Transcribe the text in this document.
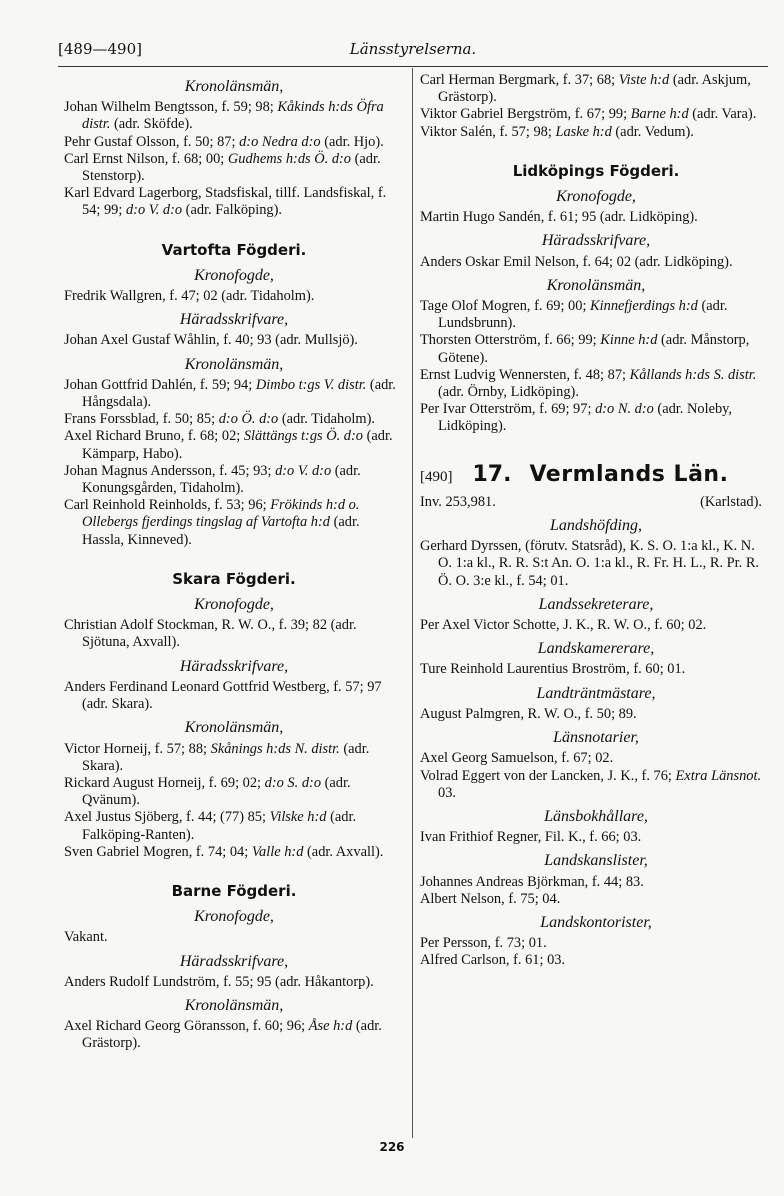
[489—490]	Länsstyrelserna.
Kronolänsmän,

Johan Wilhelm Bengtsson, f. 59; 98; Kåkinds h:ds Öfra distr. (adr. Sköfde).

Pehr Gustaf Olsson, f. 50; 87; d:o Nedra d:o (adr. Hjo).

Carl Ernst Nilson, f. 68; 00; Gudhems h:ds Ö. d:o (adr. Stenstorp).

Karl Edvard Lagerborg, Stadsfiskal, tillf. Landsfiskal, f. 54; 99; d:o V. d:o (adr. Falköping).

Vartofta Fögderi.
Kronofogde,

Fredrik Wallgren, f. 47; 02 (adr. Tidaholm).

Häradsskrifvare,

Johan Axel Gustaf Wåhlin, f. 40; 93 (adr. Mullsjö).

Kronolänsmän,

Johan Gottfrid Dahlén, f. 59; 94; Dimbo t:gs V. distr. (adr. Hångsdala).

Frans Forssblad, f. 50; 85; d:o Ö. d:o (adr. Tidaholm).

Axel Richard Bruno, f. 68; 02; Slättängs t:gs Ö. d:o (adr. Kämparp, Habo).

Johan Magnus Andersson, f. 45; 93; d:o V. d:o (adr. Konungsgården, Tidaholm).

Carl Reinhold Reinholds, f. 53; 96; Frökinds h:d o. Ollebergs fjerdings tingslag af Vartofta h:d (adr. Hassla, Kinneved).

Skara Fögderi.
Kronofogde,

Christian Adolf Stockman, R. W. O., f. 39; 82 (adr. Sjötuna, Axvall).

Häradsskrifvare,

Anders Ferdinand Leonard Gottfrid Westberg, f. 57; 97 (adr. Skara).

Kronolänsmän,

Victor Horneij, f. 57; 88; Skånings h:ds N. distr. (adr. Skara).

Rickard August Horneij, f. 69; 02; d:o S. d:o (adr. Qvänum).

Axel Justus Sjöberg, f. 44; (77) 85; Vilske h:d (adr. Falköping-Ranten).

Sven Gabriel Mogren, f. 74; 04; Valle h:d (adr. Axvall).

Barne Fögderi.
Kronofogde,

Vakant.

Häradsskrifvare,

Anders Rudolf Lundström, f. 55; 95 (adr. Håkantorp).

Kronolänsmän,

Axel Richard Georg Göransson, f. 60; 96; Åse h:d (adr. Grästorp).

Carl Herman Bergmark, f. 37; 68; Viste h:d (adr. Askjum, Grästorp).

Viktor Gabriel Bergström, f. 67; 99; Barne h:d (adr. Vara).

Viktor Salén, f. 57; 98; Laske h:d (adr. Vedum).

Lidköpings Fögderi.
Kronofogde,

Martin Hugo Sandén, f. 61; 95 (adr. Lidköping).

Häradsskrifvare,

Anders Oskar Emil Nelson, f. 64; 02 (adr. Lidköping).

Kronolänsmän,

Tage Olof Mogren, f. 69; 00; Kinnefjerdings h:d (adr. Lundsbrunn).

Thorsten Otterström, f. 66; 99; Kinne h:d (adr. Månstorp, Götene).

Ernst Ludvig Wennersten, f. 48; 87; Kållands h:ds S. distr. (adr. Örnby, Lidköping).

Per Ivar Otterström, f. 69; 97; d:o N. d:o (adr. Noleby, Lidköping).

[490] 17. Vermlands Län.
Inv. 253,981.	(Karlstad).
Landshöfding,

Gerhard Dyrssen, (förutv. Statsråd), K. S. O. 1:a kl., K. N. O. 1:a kl., R. R. S:t An. O. 1:a kl., R. Fr. H. L., R. Pr. R. Ö. O. 3:e kl., f. 54; 01.

Landssekreterare,

Per Axel Victor Schotte, J. K., R. W. O., f. 60; 02.

Landskamererare,

Ture Reinhold Laurentius Broström, f. 60; 01.

Landträntmästare,

August Palmgren, R. W. O., f. 50; 89.

Länsnotarier,

Axel Georg Samuelson, f. 67; 02.

Volrad Eggert von der Lancken, J. K., f. 76; Extra Länsnot. 03.

Länsbokhållare,

Ivan Frithiof Regner, Fil. K., f. 66; 03.

Landskanslister,

Johannes Andreas Björkman, f. 44; 83.

Albert Nelson, f. 75; 04.

Landskontorister,

Per Persson, f. 73; 01.

Alfred Carlson, f. 61; 03.

226
